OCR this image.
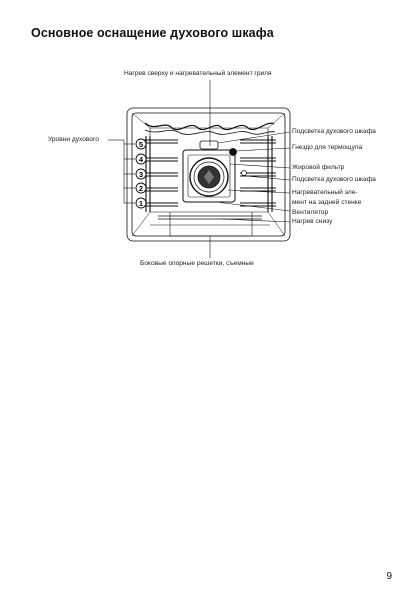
Основное оснащение духового шкафа
5
4
3
2
1
Нагрев сверху и нагревательный элемент гриля
Уровни духового
Подсветка духового шкафа
Гнездо для термощупа
Жировой фильтр
Подсветка духового шкафа
Нагревательный эле-
мент на задней стенке
Вентилятор
Нагрев снизу
Боковые опорные решетки, съемные
9
